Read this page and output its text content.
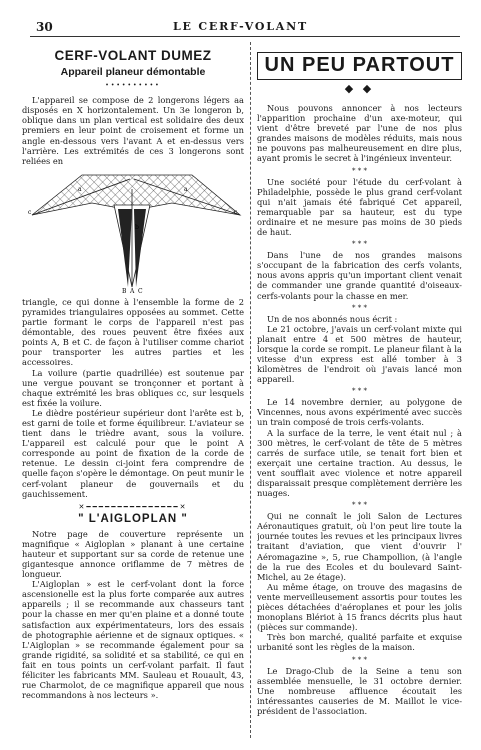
30	LE CERF-VOLANT
CERF-VOLANT DUMEZ
Appareil planeur démontable
••••••••••

L'appareil se compose de 2 longerons légers aa disposés en X horizontalement. Un 3e longeron b, oblique dans un plan vertical est solidaire des deux premiers en leur point de croisement et forme un angle en-dessous vers l'avant A et en-dessus vers l'arrière. Les extrémités de ces 3 longerons sont reliées en

c	c
a	a
b
B C
A

triangle, ce qui donne à l'ensemble la forme de 2 pyramides triangulaires opposées au sommet. Cette partie formant le corps de l'appareil n'est pas démontable, des roues peuvent être fixées aux points A, B et C. de façon à l'utiliser comme chariot pour transporter les autres parties et les accessoires.

La voilure (partie quadrillée) est soutenue par une vergue pouvant se tronçonner et portant à chaque extrémité les bras obliques cc, sur lesquels est fixée la voilure.

Le dièdre postérieur supérieur dont l'arête est b, est garni de toile et forme équilibreur. L'aviateur se tient dans le trièdre avant, sous la voilure. L'appareil est calculé pour que le point A corresponde au point de fixation de la corde de retenue. Le dessin ci-joint fera comprendre de quelle façon s'opère le démontage. On peut munir le cerf-volant planeur de gouvernails et du gauchissement.

✕━━━━━━━━━━━━━━━✕
" L'AIGLOPLAN "

Notre page de couverture représente un magnifique « Aigloplan » planant à une certaine hauteur et supportant sur sa corde de retenue une gigantesque annonce oriflamme de 7 mètres de longueur.

L'Aigloplan » est le cerf-volant dont la force ascensionelle est la plus forte comparée aux autres appareils ; il se recommande aux chasseurs tant pour la chasse en mer qu'en plaine et a donné toute satisfaction aux expérimentateurs, lors des essais de photographie aérienne et de signaux optiques. « L'Aigloplan » se recommande également pour sa grande rigidité, sa solidité et sa stabilité, ce qui en fait en tous points un cerf-volant parfait. Il faut féliciter les fabricants MM. Sauleau et Rouault, 43, rue Charmolot, de ce magnifique appareil que nous recommandons à nos lecteurs ».

UN PEU PARTOUT
◆ ◆

Nous pouvons annoncer à nos lecteurs l'apparition prochaine d'un axe-moteur, qui vient d'être breveté par l'une de nos plus grandes maisons de modèles réduits, mais nous ne pouvons pas malheureusement en dire plus, ayant promis le secret à l'ingénieux inventeur.

* * *

Une société pour l'étude du cerf-volant à Philadelphie, possède le plus grand cerf-volant qui n'ait jamais été fabriqué Cet appareil, remarquable par sa hauteur, est du type ordinaire et ne mesure pas moins de 30 pieds de haut.

* * *

Dans l'une de nos grandes maisons s'occupant de la fabrication des cerfs volants, nous avons appris qu'un important client venait de commander une grande quantité d'oiseaux-cerfs-volants pour la chasse en mer.

* * *

Un de nos abonnés nous écrit :

Le 21 octobre, j'avais un cerf-volant mixte qui planait entre 4 et 500 mètres de hauteur, lorsque la corde se rompit. Le planeur filant à la vitesse d'un express est allé tomber à 3 kilomètres de l'endroit où j'avais lancé mon appareil.

* * *

Le 14 novembre dernier, au polygone de Vincennes, nous avons expérimenté avec succès un train composé de trois cerfs-volants.

A la surface de la terre, le vent était nul ; à 300 mètres, le cerf-volant de tête de 5 mètres carrés de surface utile, se tenait fort bien et exerçait une certaine traction. Au dessus, le vent soufflait avec violence et notre appareil disparaissait presque complètement derrière les nuages.

* * *

Qui ne connaît le joli Salon de Lectures Aéronautiques gratuit, où l'on peut lire toute la journée toutes les revues et les principaux livres traitant d'aviation, que vient d'ouvrir l' Aéromagazine », 5, rue Champollion, (à l'angle de la rue des Ecoles et du boulevard Saint-Michel, au 2e étage).

Au même étage, on trouve des magasins de vente merveilleusement assortis pour toutes les pièces détachées d'aéroplanes et pour les jolis monoplans Blériot à 15 francs décrits plus haut (pièces sur commande).

Très bon marché, qualité parfaite et exquise urbanité sont les règles de la maison.

* * *

Le Drago-Club de la Seine a tenu son assemblée mensuelle, le 31 octobre dernier. Une nombreuse affluence écoutait les intéressantes causeries de M. Maillot le vice-président de l'association.
